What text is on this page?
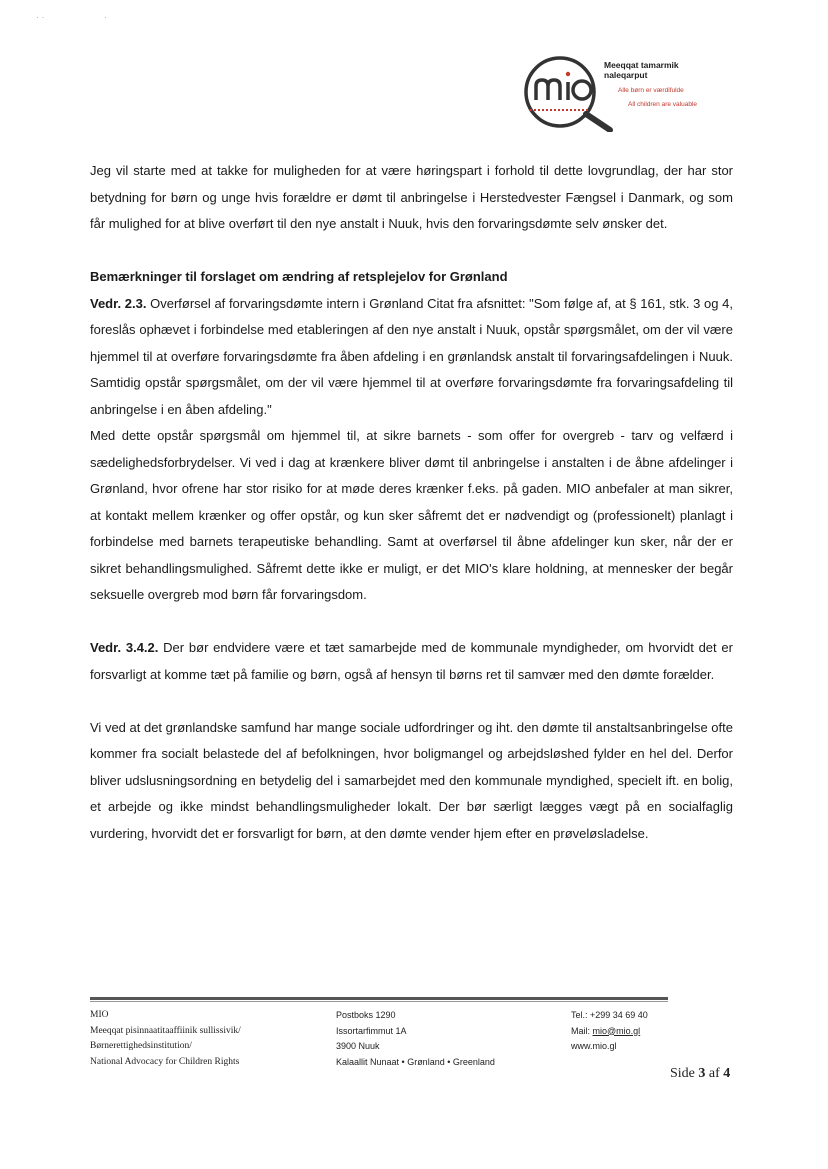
· ·	·
Meeqqat tamarmik
naleqarput
Alle børn er værdifulde
All children are valuable

Jeg vil starte med at takke for muligheden for at være høringspart i forhold til dette lovgrundlag, der har stor betydning for børn og unge hvis forældre er dømt til anbringelse i Herstedvester Fængsel i Danmark, og som får mulighed for at blive overført til den nye anstalt i Nuuk, hvis den forvaringsdømte selv ønsker det.

Bemærkninger til forslaget om ændring af retsplejelov for Grønland

Vedr. 2.3. Overførsel af forvaringsdømte intern i Grønland Citat fra afsnittet: "Som følge af, at § 161, stk. 3 og 4, foreslås ophævet i forbindelse med etableringen af den nye anstalt i Nuuk, opstår spørgsmålet, om der vil være hjemmel til at overføre forvaringsdømte fra åben afdeling i en grønlandsk anstalt til forvaringsafdelingen i Nuuk. Samtidig opstår spørgsmålet, om der vil være hjemmel til at overføre forvaringsdømte fra forvaringsafdeling til anbringelse i en åben afdeling."

Med dette opstår spørgsmål om hjemmel til, at sikre barnets - som offer for overgreb - tarv og velfærd i sædelighedsforbrydelser. Vi ved i dag at krænkere bliver dømt til anbringelse i anstalten i de åbne afdelinger i Grønland, hvor ofrene har stor risiko for at møde deres krænker f.eks. på gaden. MIO anbefaler at man sikrer, at kontakt mellem krænker og offer opstår, og kun sker såfremt det er nødvendigt og (professionelt) planlagt i forbindelse med barnets terapeutiske behandling. Samt at overførsel til åbne afdelinger kun sker, når der er sikret behandlingsmulighed. Såfremt dette ikke er muligt, er det MIO's klare holdning, at mennesker der begår seksuelle overgreb mod børn får forvaringsdom.

Vedr. 3.4.2. Der bør endvidere være et tæt samarbejde med de kommunale myndigheder, om hvorvidt det er forsvarligt at komme tæt på familie og børn, også af hensyn til børns ret til samvær med den dømte forælder.

Vi ved at det grønlandske samfund har mange sociale udfordringer og iht. den dømte til anstaltsanbringelse ofte kommer fra socialt belastede del af befolkningen, hvor boligmangel og arbejdsløshed fylder en hel del. Derfor bliver udslusningsordning en betydelig del i samarbejdet med den kommunale myndighed, specielt ift. en bolig, et arbejde og ikke mindst behandlingsmuligheder lokalt. Der bør særligt lægges vægt på en socialfaglig vurdering, hvorvidt det er forsvarligt for børn, at den dømte vender hjem efter en prøveløsladelse.

MIO
Meeqqat pisinnaatitaaffiinik sullissivik/
Børnerettighedsinstitution/
National Advocacy for Children Rights
Postboks 1290
Issortarfimmut 1A
3900 Nuuk
Kalaallit Nunaat • Grønland • Greenland
Tel.: +299 34 69 40
Mail: mio@mio.gl
www.mio.gl
Side 3 af 4
